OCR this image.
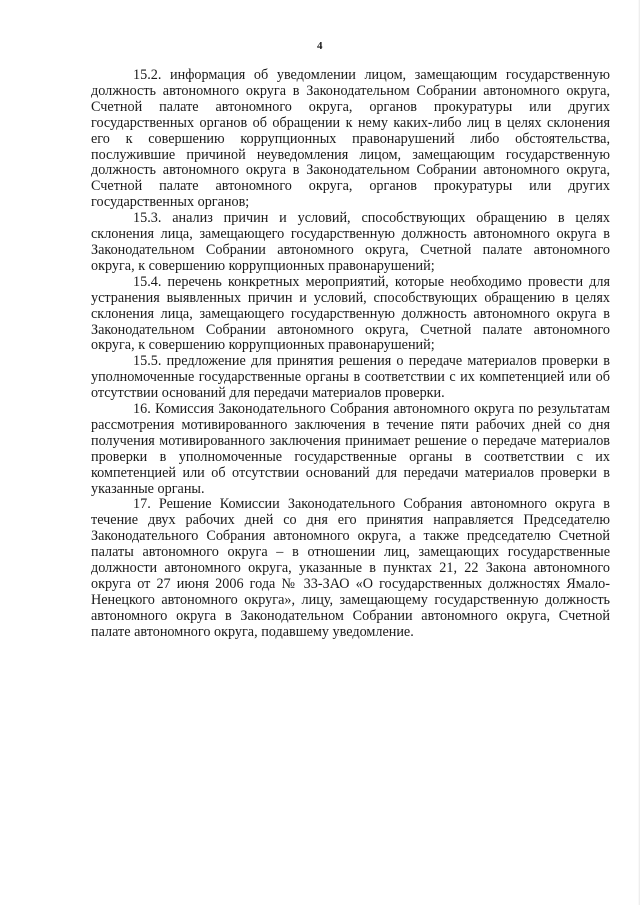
4

15.2. информация об уведомлении лицом, замещающим государственную должность автономного округа в Законодательном Собрании автономного округа, Счетной палате автономного округа, органов прокуратуры или других государственных органов об обращении к нему каких-либо лиц в целях склонения его к совершению коррупционных правонарушений либо обстоятельства, послужившие причиной неуведомления лицом, замещающим государственную должность автономного округа в Законодательном Собрании автономного округа, Счетной палате автономного округа, органов прокуратуры или других государственных органов;

15.3. анализ причин и условий, способствующих обращению в целях склонения лица, замещающего государственную должность автономного округа в Законодательном Собрании автономного округа, Счетной палате автономного округа, к совершению коррупционных правонарушений;

15.4. перечень конкретных мероприятий, которые необходимо провести для устранения выявленных причин и условий, способствующих обращению в целях склонения лица, замещающего государственную должность автономного округа в Законодательном Собрании автономного округа, Счетной палате автономного округа, к совершению коррупционных правонарушений;

15.5. предложение для принятия решения о передаче материалов проверки в уполномоченные государственные органы в соответствии с их компетенцией или об отсутствии оснований для передачи материалов проверки.

16. Комиссия Законодательного Собрания автономного округа по результатам рассмотрения мотивированного заключения в течение пяти рабочих дней со дня получения мотивированного заключения принимает решение о передаче материалов проверки в уполномоченные государственные органы в соответствии с их компетенцией или об отсутствии оснований для передачи материалов проверки в указанные органы.

17. Решение Комиссии Законодательного Собрания автономного округа в течение двух рабочих дней со дня его принятия направляется Председателю Законодательного Собрания автономного округа, а также председателю Счетной палаты автономного округа – в отношении лиц, замещающих государственные должности автономного округа, указанные в пунктах 21, 22 Закона автономного округа от 27 июня 2006 года № 33-ЗАО «О государственных должностях Ямало-Ненецкого автономного округа», лицу, замещающему государственную должность автономного округа в Законодательном Собрании автономного округа, Счетной палате автономного округа, подавшему уведомление.
